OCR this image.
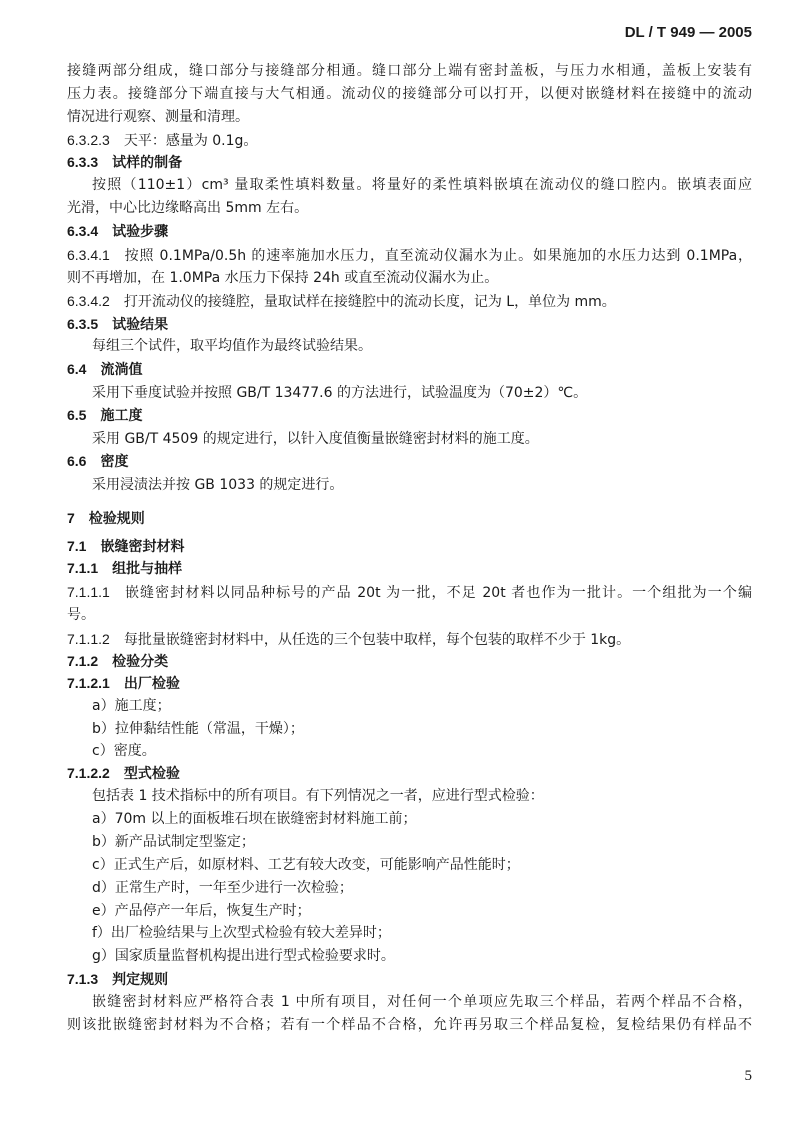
DL / T 949 — 2005
接缝两部分组成，缝口部分与接缝部分相通。缝口部分上端有密封盖板，与压力水相通，盖板上安装有
压力表。接缝部分下端直接与大气相通。流动仪的接缝部分可以打开，以便对嵌缝材料在接缝中的流动
情况进行观察、测量和清理。
6.3.2.3 天平：感量为 0.1g。
6.3.3 试样的制备
按照（110±1）cm³ 量取柔性填料数量。将量好的柔性填料嵌填在流动仪的缝口腔内。嵌填表面应
光滑，中心比边缘略高出 5mm 左右。
6.3.4 试验步骤
6.3.4.1 按照 0.1MPa/0.5h 的速率施加水压力，直至流动仪漏水为止。如果施加的水压力达到 0.1MPa，
则不再增加，在 1.0MPa 水压力下保持 24h 或直至流动仪漏水为止。
6.3.4.2 打开流动仪的接缝腔，量取试样在接缝腔中的流动长度，记为 L，单位为 mm。
6.3.5 试验结果
每组三个试件，取平均值作为最终试验结果。
6.4 流淌值
采用下垂度试验并按照 GB/T 13477.6 的方法进行，试验温度为（70±2）℃。
6.5 施工度
采用 GB/T 4509 的规定进行，以针入度值衡量嵌缝密封材料的施工度。
6.6 密度
采用浸渍法并按 GB 1033 的规定进行。
7 检验规则
7.1 嵌缝密封材料
7.1.1 组批与抽样
7.1.1.1 嵌缝密封材料以同品种标号的产品 20t 为一批，不足 20t 者也作为一批计。一个组批为一个编
号。
7.1.1.2 每批量嵌缝密封材料中，从任选的三个包装中取样，每个包装的取样不少于 1kg。
7.1.2 检验分类
7.1.2.1 出厂检验
a）施工度；
b）拉伸黏结性能（常温，干燥）；
c）密度。
7.1.2.2 型式检验
包括表 1 技术指标中的所有项目。有下列情况之一者，应进行型式检验：
a）70m 以上的面板堆石坝在嵌缝密封材料施工前；
b）新产品试制定型鉴定；
c）正式生产后，如原材料、工艺有较大改变，可能影响产品性能时；
d）正常生产时，一年至少进行一次检验；
e）产品停产一年后，恢复生产时；
f）出厂检验结果与上次型式检验有较大差异时；
g）国家质量监督机构提出进行型式检验要求时。
7.1.3 判定规则
嵌缝密封材料应严格符合表 1 中所有项目，对任何一个单项应先取三个样品，若两个样品不合格，
则该批嵌缝密封材料为不合格；若有一个样品不合格，允许再另取三个样品复检，复检结果仍有样品不
5
